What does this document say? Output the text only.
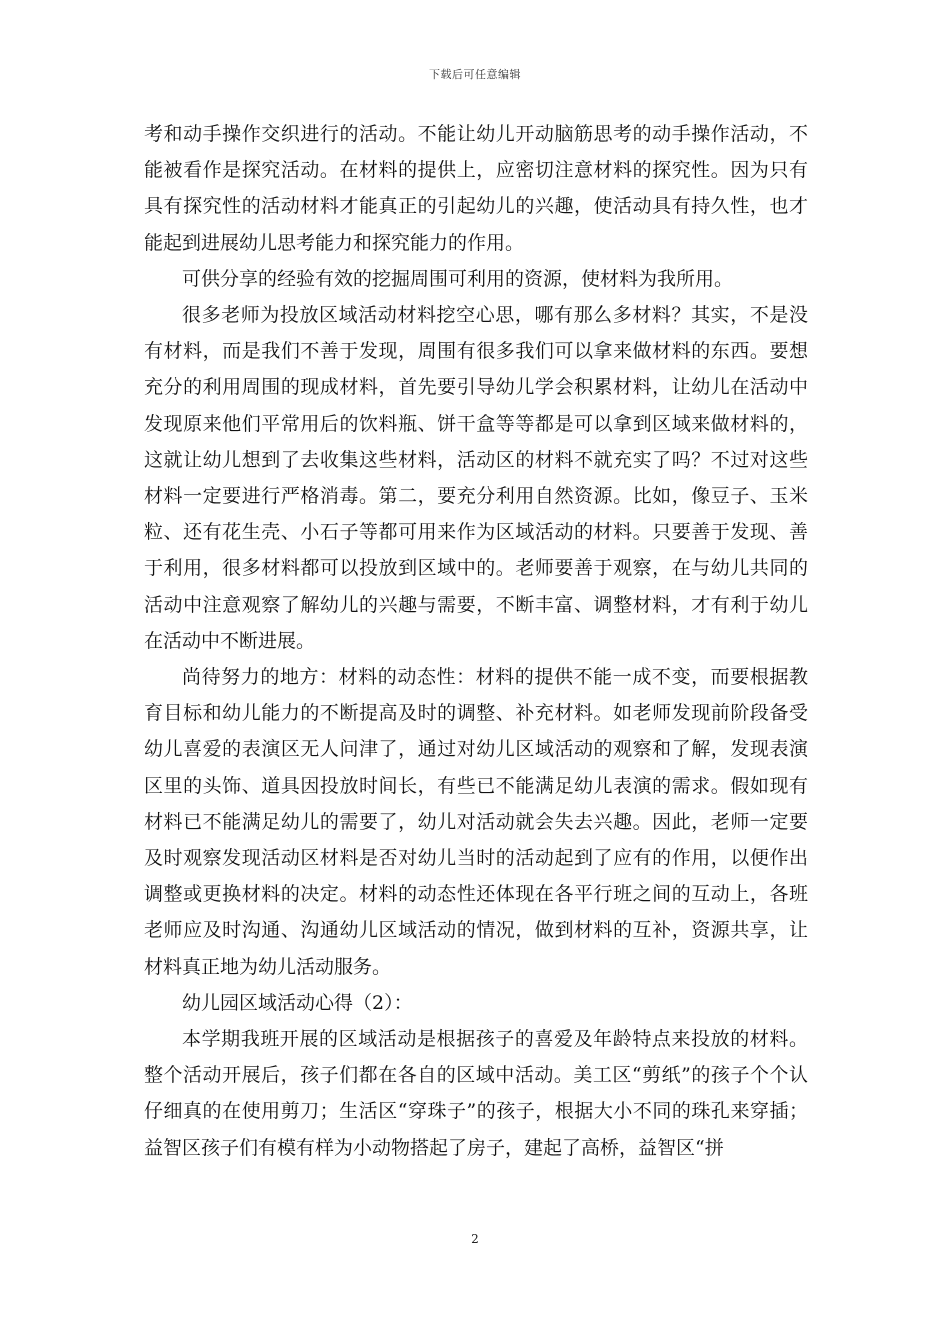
下载后可任意编辑

考和动手操作交织进行的活动。不能让幼儿开动脑筋思考的动手操作活动，不能被看作是探究活动。在材料的提供上，应密切注意材料的探究性。因为只有具有探究性的活动材料才能真正的引起幼儿的兴趣，使活动具有持久性，也才能起到进展幼儿思考能力和探究能力的作用。

可供分享的经验有效的挖掘周围可利用的资源，使材料为我所用。

很多老师为投放区域活动材料挖空心思，哪有那么多材料？其实，不是没有材料，而是我们不善于发现，周围有很多我们可以拿来做材料的东西。要想充分的利用周围的现成材料，首先要引导幼儿学会积累材料，让幼儿在活动中发现原来他们平常用后的饮料瓶、饼干盒等等都是可以拿到区域来做材料的，这就让幼儿想到了去收集这些材料，活动区的材料不就充实了吗？不过对这些材料一定要进行严格消毒。第二，要充分利用自然资源。比如，像豆子、玉米粒、还有花生壳、小石子等都可用来作为区域活动的材料。只要善于发现、善于利用，很多材料都可以投放到区域中的。老师要善于观察，在与幼儿共同的活动中注意观察了解幼儿的兴趣与需要，不断丰富、调整材料，才有利于幼儿在活动中不断进展。

尚待努力的地方：材料的动态性：材料的提供不能一成不变，而要根据教育目标和幼儿能力的不断提高及时的调整、补充材料。如老师发现前阶段备受幼儿喜爱的表演区无人问津了，通过对幼儿区域活动的观察和了解，发现表演区里的头饰、道具因投放时间长，有些已不能满足幼儿表演的需求。假如现有材料已不能满足幼儿的需要了，幼儿对活动就会失去兴趣。因此，老师一定要及时观察发现活动区材料是否对幼儿当时的活动起到了应有的作用，以便作出调整或更换材料的决定。材料的动态性还体现在各平行班之间的互动上，各班老师应及时沟通、沟通幼儿区域活动的情况，做到材料的互补，资源共享，让材料真正地为幼儿活动服务。

幼儿园区域活动心得（2）：

本学期我班开展的区域活动是根据孩子的喜爱及年龄特点来投放的材料。整个活动开展后，孩子们都在各自的区域中活动。美工区“剪纸”的孩子个个认仔细真的在使用剪刀；生活区“穿珠子”的孩子，根据大小不同的珠孔来穿插；益智区孩子们有模有样为小动物搭起了房子，建起了高桥，益智区“拼

2
